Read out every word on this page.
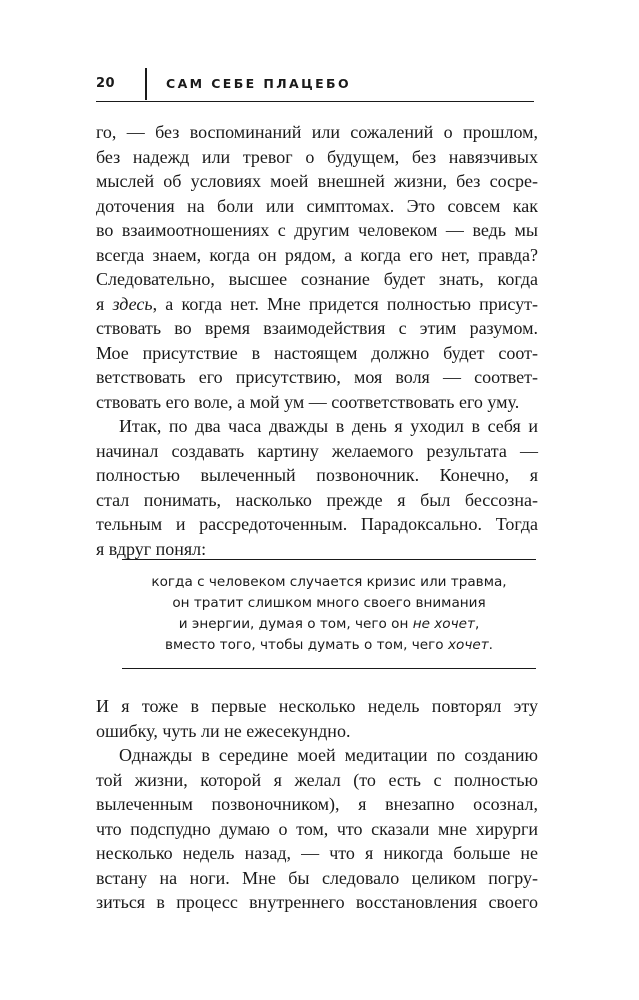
20	САМ СЕБЕ ПЛАЦЕБО
го, — без воспоминаний или сожалений о прошлом,
без надежд или тревог о будущем, без навязчивых
мыслей об условиях моей внешней жизни, без сосре-
доточения на боли или симптомах. Это совсем как
во взаимоотношениях с другим человеком — ведь мы
всегда знаем, когда он рядом, а когда его нет, правда?
Следовательно, высшее сознание будет знать, когда
я здесь, а когда нет. Мне придется полностью присут-
ствовать во время взаимодействия с этим разумом.
Мое присутствие в настоящем должно будет соот-
ветствовать его присутствию, моя воля — соответ-
ствовать его воле, а мой ум — соответствовать его уму.
Итак, по два часа дважды в день я уходил в себя и
начинал создавать картину желаемого результата —
полностью вылеченный позвоночник. Конечно, я
стал понимать, насколько прежде я был бессозна-
тельным и рассредоточенным. Парадоксально. Тогда
я вдруг понял:
когда с человеком случается кризис или травма,
он тратит слишком много своего внимания
и энергии, думая о том, чего он не хочет,
вместо того, чтобы думать о том, чего хочет.
И я тоже в первые несколько недель повторял эту
ошибку, чуть ли не ежесекундно.
Однажды в середине моей медитации по созданию
той жизни, которой я желал (то есть с полностью
вылеченным позвоночником), я внезапно осознал,
что подспудно думаю о том, что сказали мне хирурги
несколько недель назад, — что я никогда больше не
встану на ноги. Мне бы следовало целиком погру-
зиться в процесс внутреннего восстановления своего
